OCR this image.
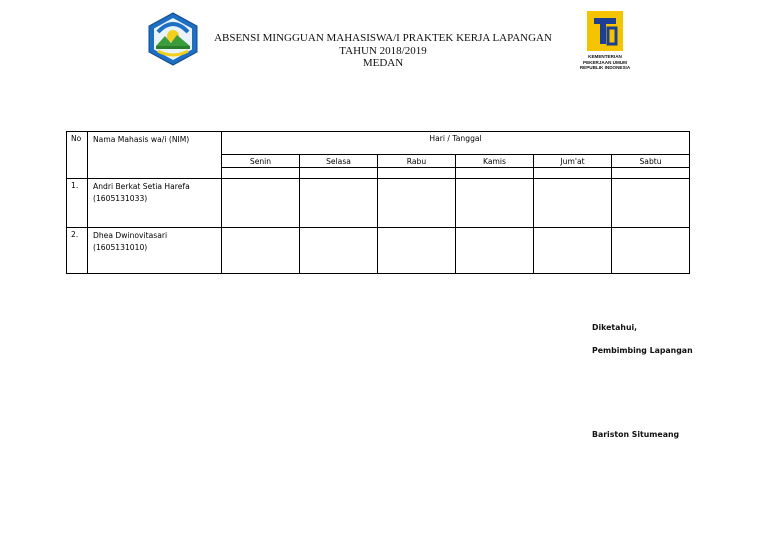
ABSENSI MINGGUAN MAHASISWA/I PRAKTEK KERJA LAPANGAN
TAHUN 2018/2019
MEDAN
KEMENTERIAN
PEKERJAAN UMUM
REPUBLIK INDONESIA
No	Nama Mahasis wa/i (NIM)	Hari / Tanggal					
		Senin	Selasa	Rabu	Kamis	Jum'at	Sabtu

1.	Andri Berkat Setia Harefa
(1605131033)						

2.	Dhea Dwinovitasari
(1605131010)						

Diketahui,
Pembimbing Lapangan
Bariston Situmeang
